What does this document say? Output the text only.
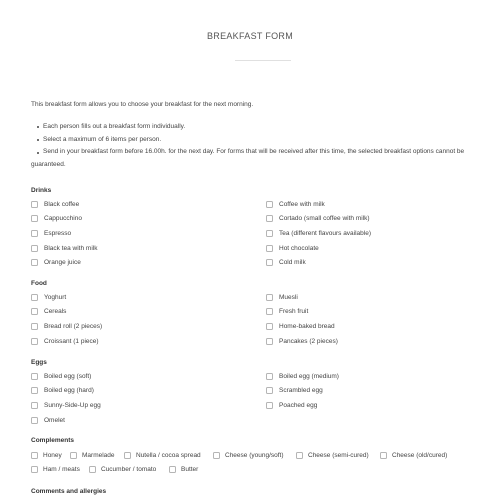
BREAKFAST FORM
This breakfast form allows you to choose your breakfast for the next morning.
Each person fills out a breakfast form individually.
Select a maximum of 6 items per person.
Send in your breakfast form before 16.00h. for the next day. For forms that will be received after this time, the selected breakfast options cannot be guaranteed.
Drinks
Black coffee	Coffee with milk
Cappucchino	Cortado (small coffee with milk)
Espresso	Tea (different flavours available)
Black tea with milk	Hot chocolate
Orange juice	Cold milk
Food
Yoghurt	Muesli
Cereals	Fresh fruit
Bread roll (2 pieces)	Home-baked bread
Croissant (1 piece)	Pancakes (2 pieces)
Eggs
Boiled egg (soft)	Boiled egg (medium)
Boiled egg (hard)	Scrambled egg
Sunny-Side-Up egg	Poached egg
Omelet
Complements
Honey	Marmelade	Nutella / cocoa spread	Cheese (young/soft)	Cheese (semi-cured)	Cheese (old/cured)
Ham / meats	Cucumber / tomato	Butter
Comments and allergies
